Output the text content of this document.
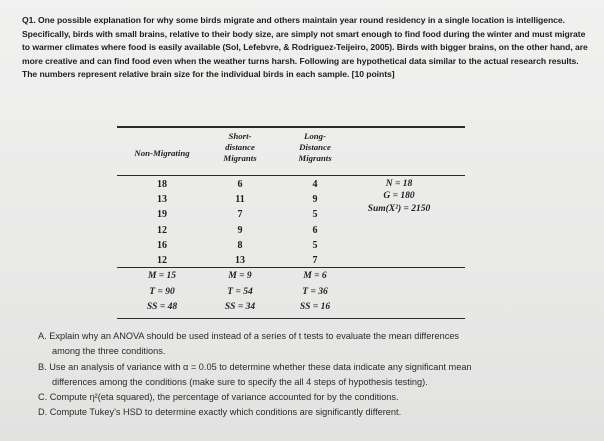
Q1. One possible explanation for why some birds migrate and others maintain year round residency in a single location is intelligence. Specifically, birds with small brains, relative to their body size, are simply not smart enough to find food during the winter and must migrate to warmer climates where food is easily available (Sol, Lefebvre, & Rodriguez-Teijeiro, 2005). Birds with bigger brains, on the other hand, are more creative and can find food even when the weather turns harsh. Following are hypothetical data similar to the actual research results. The numbers represent relative brain size for the individual birds in each sample. [10 points]
Non-Migrating
Short-
distance
Migrants
Long-
Distance
Migrants
18
13
19
12
16
12
6
11
7
9
8
13
4
9
5
6
5
7
M = 15
T = 90
SS = 48
M = 9
T = 54
SS = 34
M = 6
T = 36
SS = 16
N = 18
G = 180
Sum(X²) = 2150
A. Explain why an ANOVA should be used instead of a series of t tests to evaluate the mean differences
among the three conditions.
B. Use an analysis of variance with α = 0.05 to determine whether these data indicate any significant mean
differences among the conditions (make sure to specify the all 4 steps of hypothesis testing).
C. Compute η²(eta squared), the percentage of variance accounted for by the conditions.
D. Compute Tukey's HSD to determine exactly which conditions are significantly different.
